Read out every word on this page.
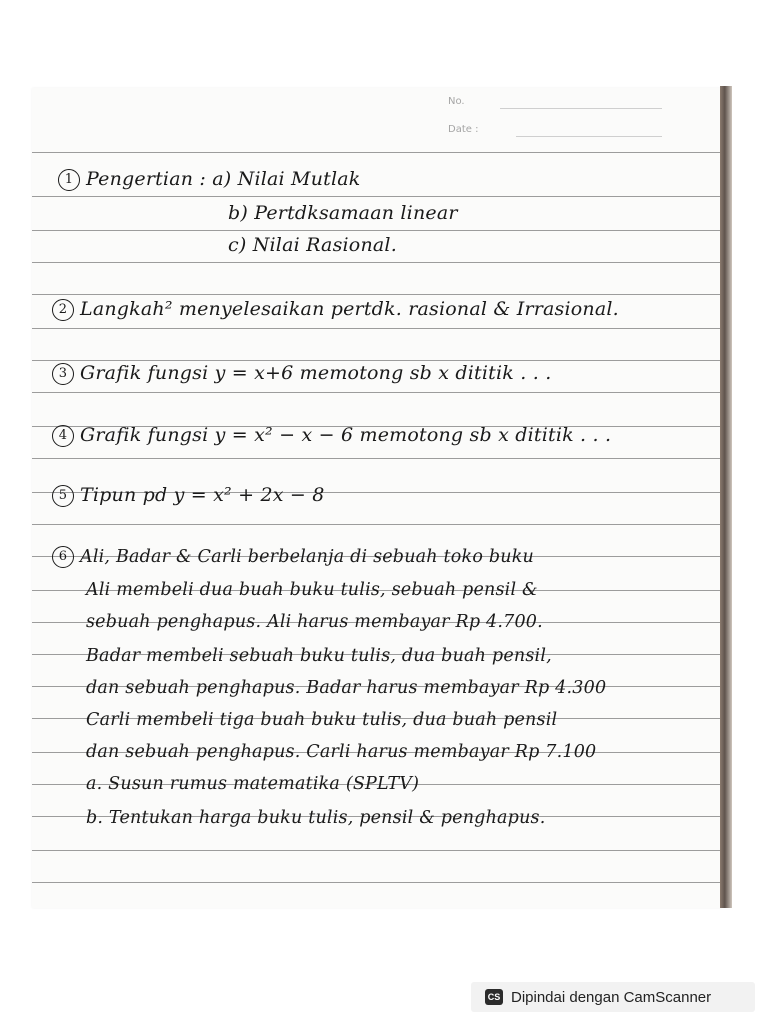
No.
Date :
1 Pengertian : a) Nilai Mutlak
b) Pertdksamaan linear
c) Nilai Rasional.
2 Langkah² menyelesaikan pertdk. rasional & Irrasional.
3 Grafik fungsi y = x+6 memotong sb x dititik . . .
4 Grafik fungsi y = x² − x − 6 memotong sb x dititik . . .
5 Tipun pd y = x² + 2x − 8
6 Ali, Badar & Carli berbelanja di sebuah toko buku
Ali membeli dua buah buku tulis, sebuah pensil &
sebuah penghapus. Ali harus membayar Rp 4.700.
Badar membeli sebuah buku tulis, dua buah pensil,
dan sebuah penghapus. Badar harus membayar Rp 4.300
Carli membeli tiga buah buku tulis, dua buah pensil
dan sebuah penghapus. Carli harus membayar Rp 7.100
a. Susun rumus matematika (SPLTV)
b. Tentukan harga buku tulis, pensil & penghapus.
CS Dipindai dengan CamScanner
